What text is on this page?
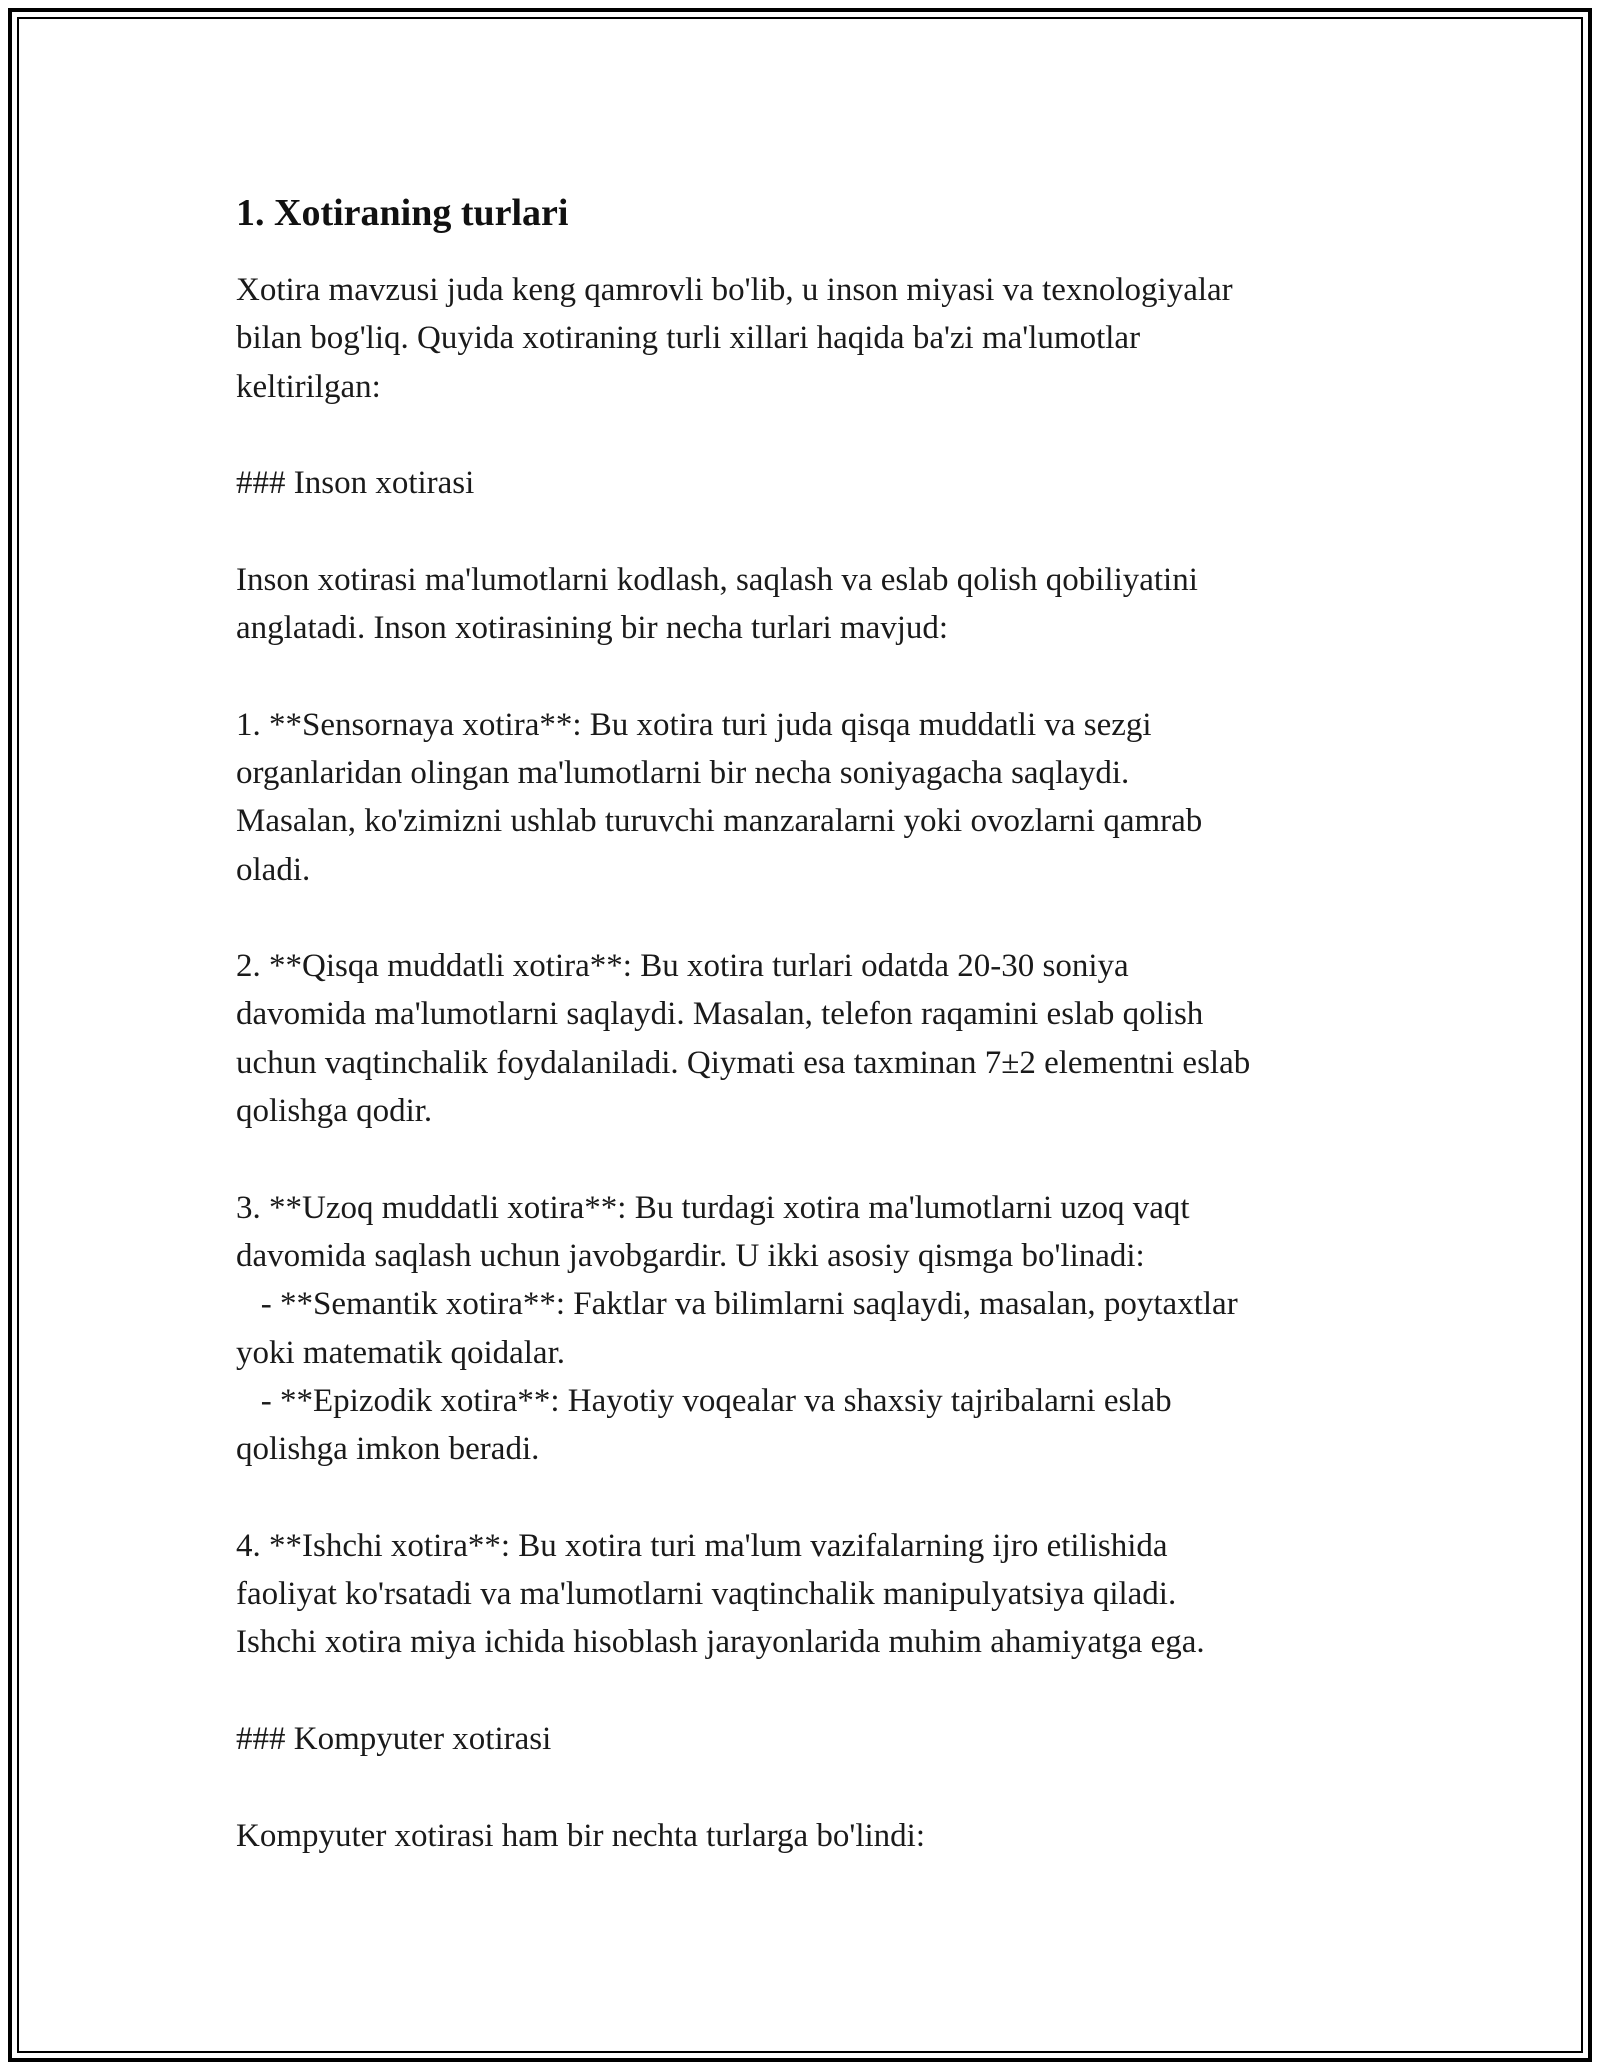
1. Xotiraning turlari

Xotira mavzusi juda keng qamrovli bo'lib, u inson miyasi va texnologiyalar
bilan bog'liq. Quyida xotiraning turli xillari haqida ba'zi ma'lumotlar
keltirilgan:

### Inson xotirasi

Inson xotirasi ma'lumotlarni kodlash, saqlash va eslab qolish qobiliyatini
anglatadi. Inson xotirasining bir necha turlari mavjud:

1. **Sensornaya xotira**: Bu xotira turi juda qisqa muddatli va sezgi
organlaridan olingan ma'lumotlarni bir necha soniyagacha saqlaydi.
Masalan, ko'zimizni ushlab turuvchi manzaralarni yoki ovozlarni qamrab
oladi.

2. **Qisqa muddatli xotira**: Bu xotira turlari odatda 20-30 soniya
davomida ma'lumotlarni saqlaydi. Masalan, telefon raqamini eslab qolish
uchun vaqtinchalik foydalaniladi. Qiymati esa taxminan 7±2 elementni eslab
qolishga qodir.

3. **Uzoq muddatli xotira**: Bu turdagi xotira ma'lumotlarni uzoq vaqt
davomida saqlash uchun javobgardir. U ikki asosiy qismga bo'linadi:
- **Semantik xotira**: Faktlar va bilimlarni saqlaydi, masalan, poytaxtlar
yoki matematik qoidalar.
- **Epizodik xotira**: Hayotiy voqealar va shaxsiy tajribalarni eslab
qolishga imkon beradi.

4. **Ishchi xotira**: Bu xotira turi ma'lum vazifalarning ijro etilishida
faoliyat ko'rsatadi va ma'lumotlarni vaqtinchalik manipulyatsiya qiladi.
Ishchi xotira miya ichida hisoblash jarayonlarida muhim ahamiyatga ega.

### Kompyuter xotirasi

Kompyuter xotirasi ham bir nechta turlarga bo'lindi:
